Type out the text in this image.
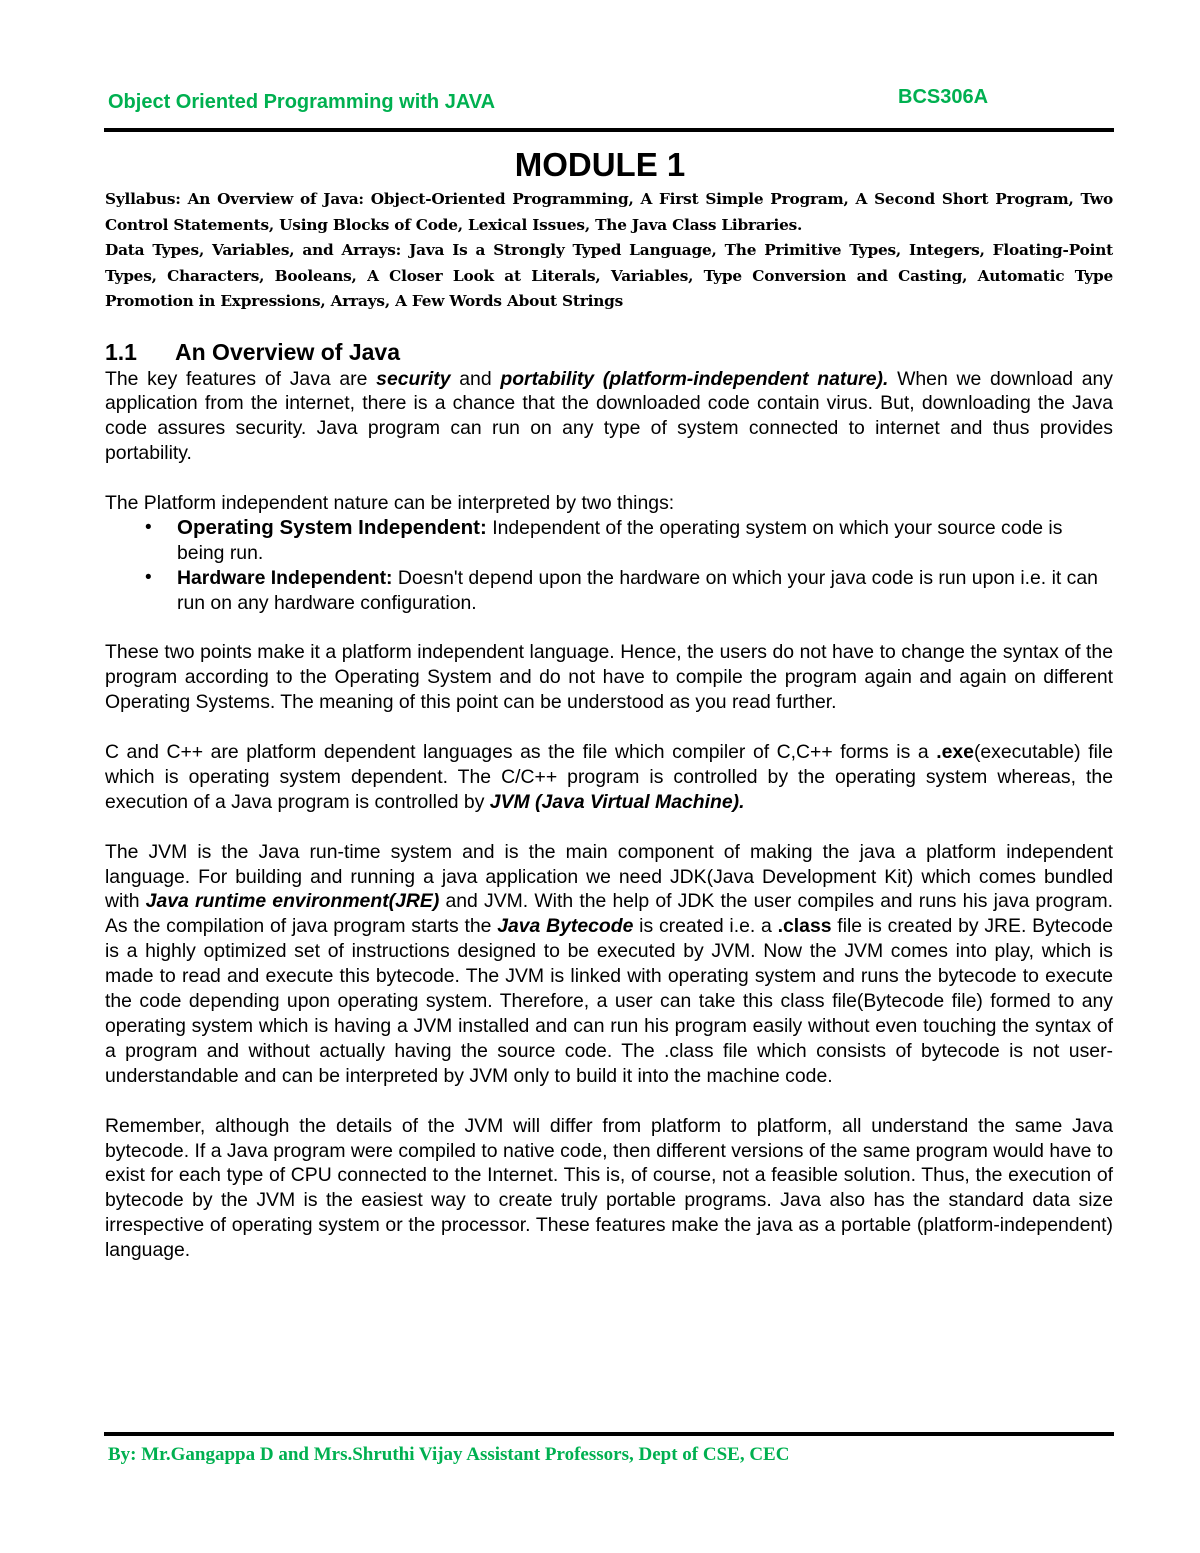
Object Oriented Programming with JAVA	BCS306A
MODULE 1

Syllabus: An Overview of Java: Object-Oriented Programming, A First Simple Program, A Second Short Program, Two Control Statements, Using Blocks of Code, Lexical Issues, The Java Class Libraries.

Data Types, Variables, and Arrays: Java Is a Strongly Typed Language, The Primitive Types, Integers, Floating-Point Types, Characters, Booleans, A Closer Look at Literals, Variables, Type Conversion and Casting, Automatic Type Promotion in Expressions, Arrays, A Few Words About Strings

1.1 An Overview of Java

The key features of Java are security and portability (platform-independent nature). When we download any application from the internet, there is a chance that the downloaded code contain virus. But, downloading the Java code assures security. Java program can run on any type of system connected to internet and thus provides portability.

The Platform independent nature can be interpreted by two things:

• Operating System Independent: Independent of the operating system on which your source code is being run.
• Hardware Independent: Doesn't depend upon the hardware on which your java code is run upon i.e. it can run on any hardware configuration.

These two points make it a platform independent language. Hence, the users do not have to change the syntax of the program according to the Operating System and do not have to compile the program again and again on different Operating Systems. The meaning of this point can be understood as you read further.

C and C++ are platform dependent languages as the file which compiler of C,C++ forms is a .exe(executable) file which is operating system dependent. The C/C++ program is controlled by the operating system whereas, the execution of a Java program is controlled by JVM (Java Virtual Machine).

The JVM is the Java run-time system and is the main component of making the java a platform independent language. For building and running a java application we need JDK(Java Development Kit) which comes bundled with Java runtime environment(JRE) and JVM. With the help of JDK the user compiles and runs his java program. As the compilation of java program starts the Java Bytecode is created i.e. a .class file is created by JRE. Bytecode is a highly optimized set of instructions designed to be executed by JVM. Now the JVM comes into play, which is made to read and execute this bytecode. The JVM is linked with operating system and runs the bytecode to execute the code depending upon operating system. Therefore, a user can take this class file(Bytecode file) formed to any operating system which is having a JVM installed and can run his program easily without even touching the syntax of a program and without actually having the source code. The .class file which consists of bytecode is not user-understandable and can be interpreted by JVM only to build it into the machine code.

Remember, although the details of the JVM will differ from platform to platform, all understand the same Java bytecode. If a Java program were compiled to native code, then different versions of the same program would have to exist for each type of CPU connected to the Internet. This is, of course, not a feasible solution. Thus, the execution of bytecode by the JVM is the easiest way to create truly portable programs. Java also has the standard data size irrespective of operating system or the processor. These features make the java as a portable (platform-independent) language.

By: Mr.Gangappa D and Mrs.Shruthi Vijay Assistant Professors, Dept of CSE, CEC
